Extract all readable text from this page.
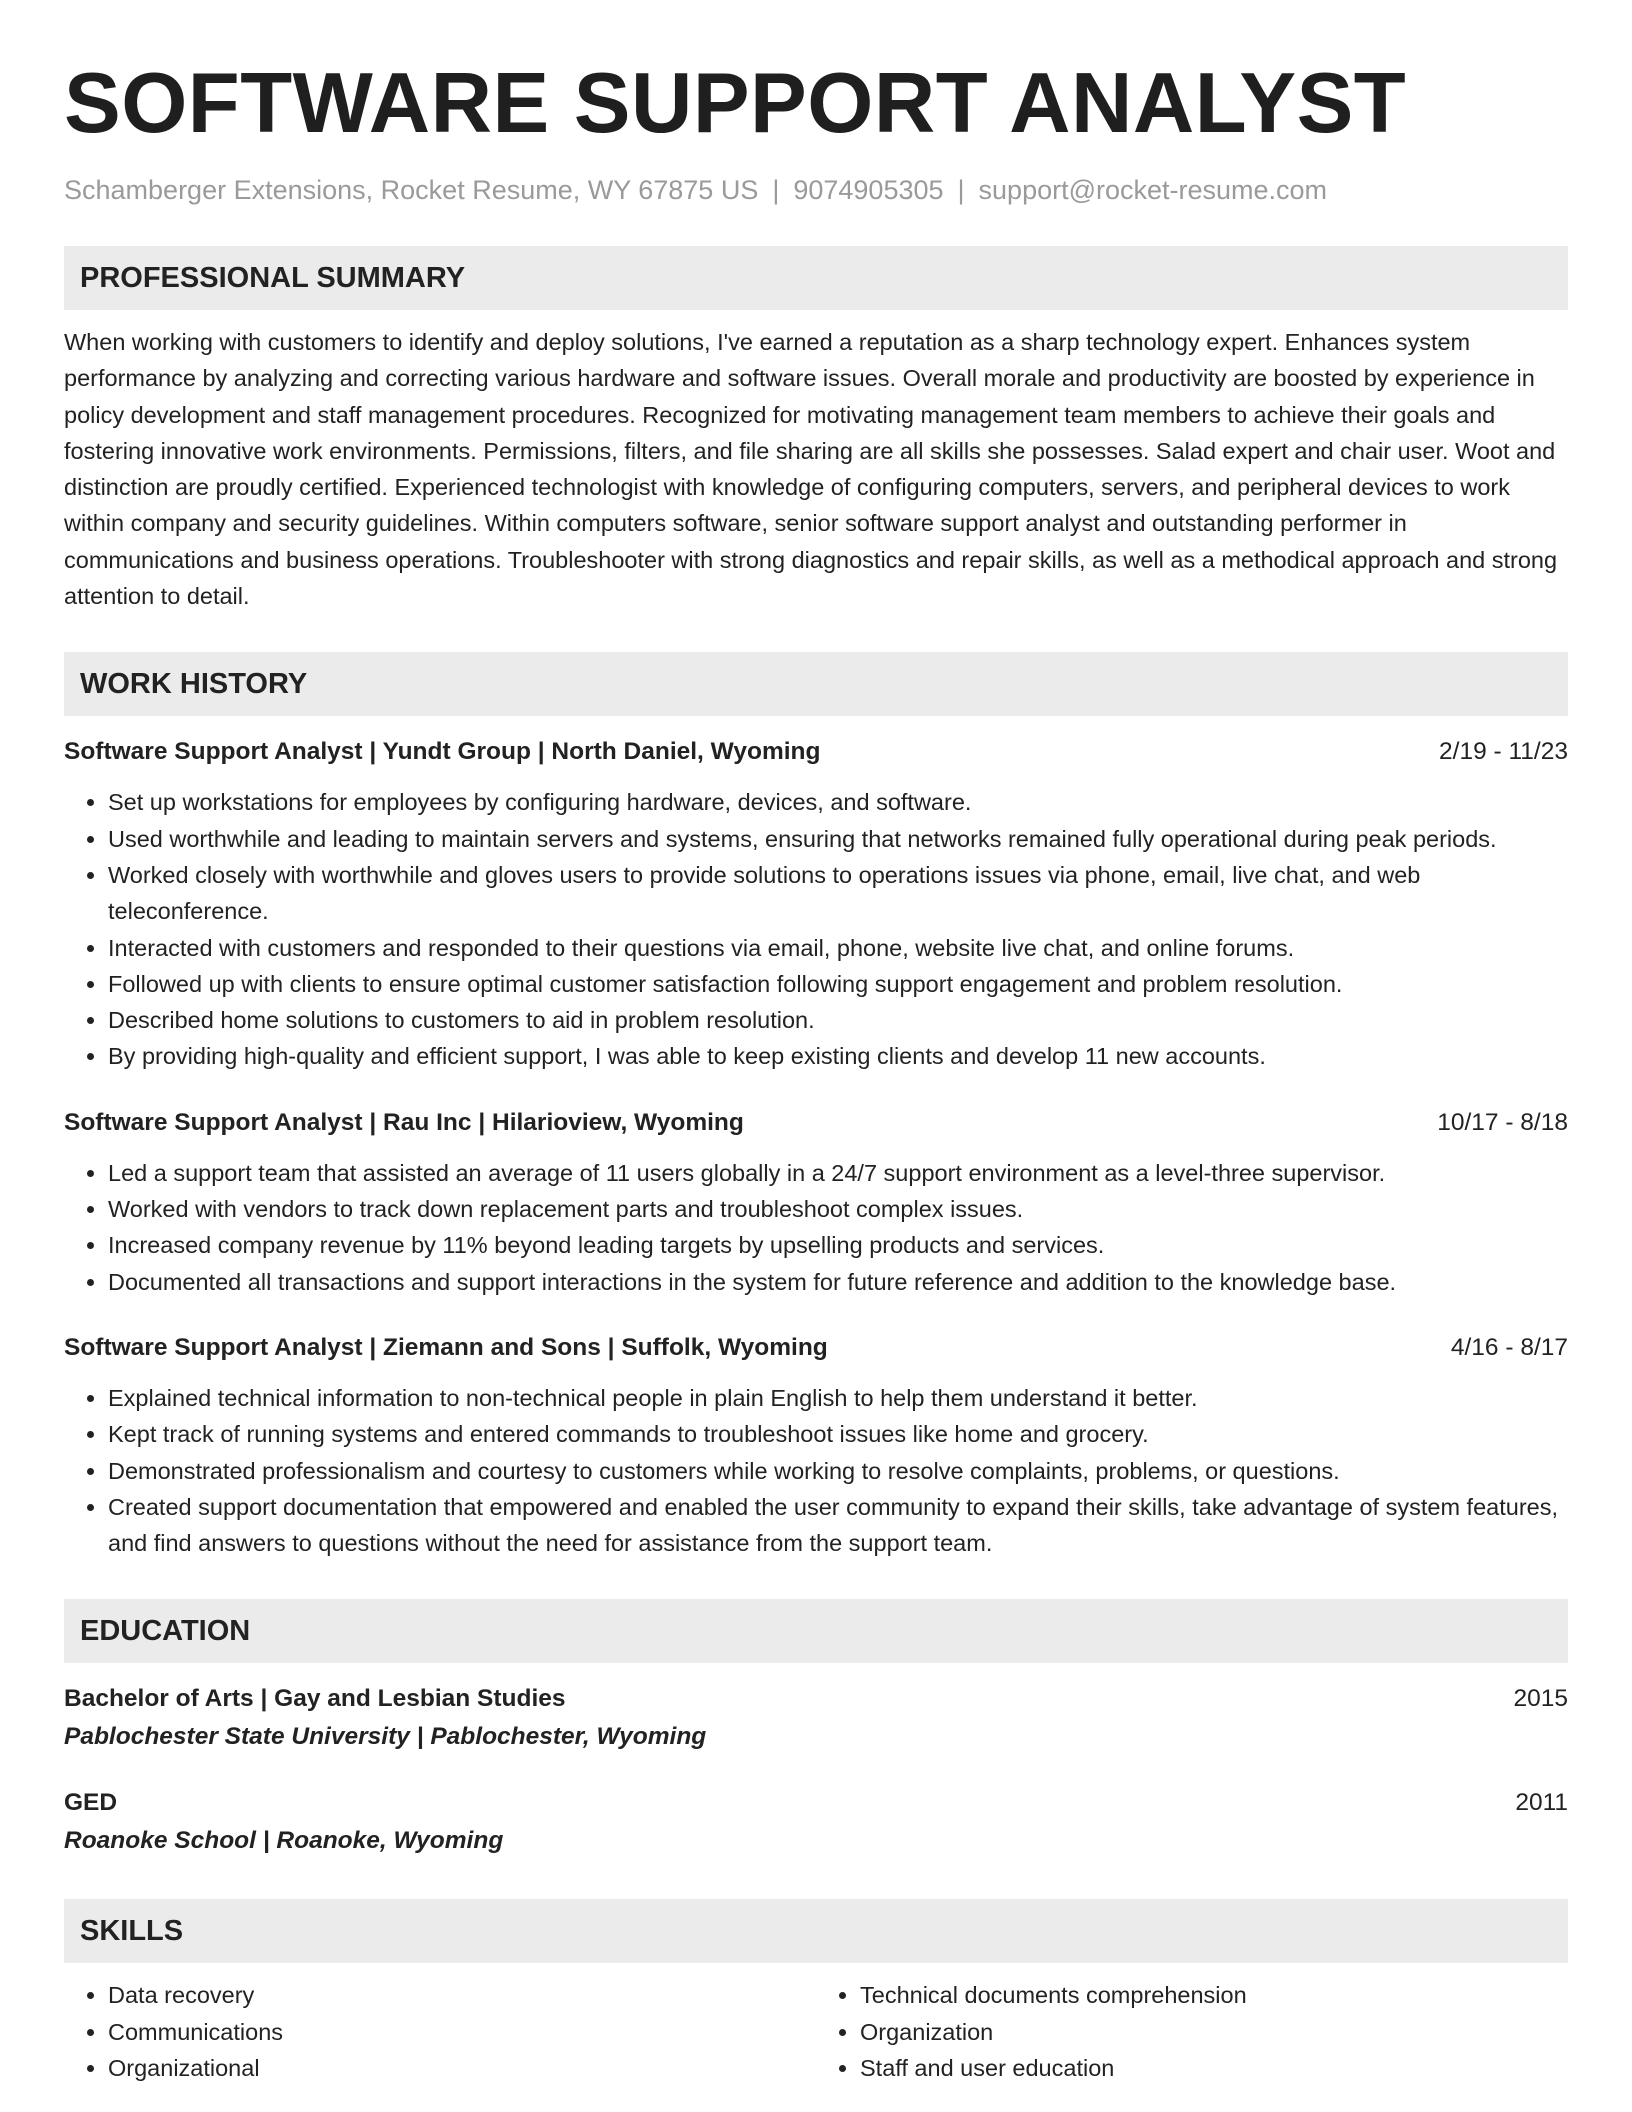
SOFTWARE SUPPORT ANALYST
Schamberger Extensions, Rocket Resume, WY 67875 US | 9074905305 | support@rocket-resume.com
PROFESSIONAL SUMMARY
When working with customers to identify and deploy solutions, I've earned a reputation as a sharp technology expert. Enhances system performance by analyzing and correcting various hardware and software issues. Overall morale and productivity are boosted by experience in policy development and staff management procedures. Recognized for motivating management team members to achieve their goals and fostering innovative work environments. Permissions, filters, and file sharing are all skills she possesses. Salad expert and chair user. Woot and distinction are proudly certified. Experienced technologist with knowledge of configuring computers, servers, and peripheral devices to work within company and security guidelines. Within computers software, senior software support analyst and outstanding performer in communications and business operations. Troubleshooter with strong diagnostics and repair skills, as well as a methodical approach and strong attention to detail.
WORK HISTORY
Software Support Analyst | Yundt Group | North Daniel, Wyoming	2/19 - 11/23
• Set up workstations for employees by configuring hardware, devices, and software.
• Used worthwhile and leading to maintain servers and systems, ensuring that networks remained fully operational during peak periods.
• Worked closely with worthwhile and gloves users to provide solutions to operations issues via phone, email, live chat, and web teleconference.
• Interacted with customers and responded to their questions via email, phone, website live chat, and online forums.
• Followed up with clients to ensure optimal customer satisfaction following support engagement and problem resolution.
• Described home solutions to customers to aid in problem resolution.
• By providing high-quality and efficient support, I was able to keep existing clients and develop 11 new accounts.
Software Support Analyst | Rau Inc | Hilarioview, Wyoming	10/17 - 8/18
• Led a support team that assisted an average of 11 users globally in a 24/7 support environment as a level-three supervisor.
• Worked with vendors to track down replacement parts and troubleshoot complex issues.
• Increased company revenue by 11% beyond leading targets by upselling products and services.
• Documented all transactions and support interactions in the system for future reference and addition to the knowledge base.
Software Support Analyst | Ziemann and Sons | Suffolk, Wyoming	4/16 - 8/17
• Explained technical information to non-technical people in plain English to help them understand it better.
• Kept track of running systems and entered commands to troubleshoot issues like home and grocery.
• Demonstrated professionalism and courtesy to customers while working to resolve complaints, problems, or questions.
• Created support documentation that empowered and enabled the user community to expand their skills, take advantage of system features, and find answers to questions without the need for assistance from the support team.
EDUCATION
Bachelor of Arts | Gay and Lesbian Studies	2015
Pablochester State University | Pablochester, Wyoming
GED	2011
Roanoke School | Roanoke, Wyoming
SKILLS
• Data recovery
• Communications
• Organizational
• Technical documents comprehension
• Organization
• Staff and user education
